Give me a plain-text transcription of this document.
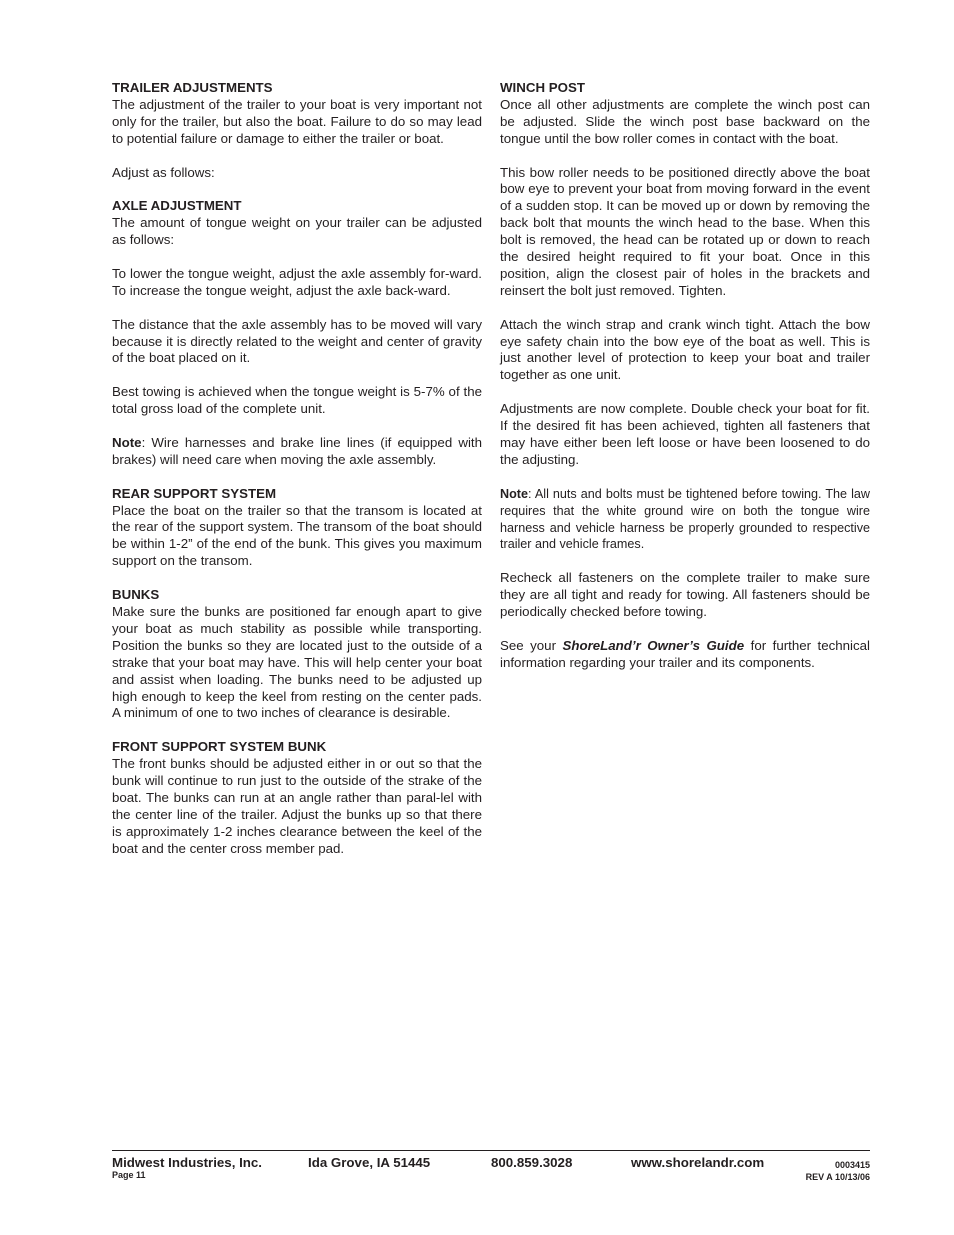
TRAILER ADJUSTMENTS

The adjustment of the trailer to your boat is very important not only for the trailer, but also the boat. Failure to do so may lead to potential failure or damage to either the trailer or boat.

Adjust as follows:

AXLE ADJUSTMENT

The amount of tongue weight on your trailer can be adjusted as follows:

To lower the tongue weight, adjust the axle assembly for-ward. To increase the tongue weight, adjust the axle back-ward.

The distance that the axle assembly has to be moved will vary because it is directly related to the weight and center of gravity of the boat placed on it.

Best towing is achieved when the tongue weight is 5-7% of the total gross load of the complete unit.

Note: Wire harnesses and brake line lines (if equipped with brakes) will need care when moving the axle assembly.

REAR SUPPORT SYSTEM

Place the boat on the trailer so that the transom is located at the rear of the support system. The transom of the boat should be within 1-2” of the end of the bunk. This gives you maximum support on the transom.

BUNKS

Make sure the bunks are positioned far enough apart to give your boat as much stability as possible while transporting. Position the bunks so they are located just to the outside of a strake that your boat may have. This will help center your boat and assist when loading. The bunks need to be adjusted up high enough to keep the keel from resting on the center pads. A minimum of one to two inches of clearance is desirable.

FRONT SUPPORT SYSTEM BUNK

The front bunks should be adjusted either in or out so that the bunk will continue to run just to the outside of the strake of the boat. The bunks can run at an angle rather than paral-lel with the center line of the trailer. Adjust the bunks up so that there is approximately 1-2 inches clearance between the keel of the boat and the center cross member pad.

WINCH POST

Once all other adjustments are complete the winch post can be adjusted. Slide the winch post base backward on the tongue until the bow roller comes in contact with the boat.

This bow roller needs to be positioned directly above the boat bow eye to prevent your boat from moving forward in the event of a sudden stop. It can be moved up or down by removing the back bolt that mounts the winch head to the base. When this bolt is removed, the head can be rotated up or down to reach the desired height required to fit your boat. Once in this position, align the closest pair of holes in the brackets and reinsert the bolt just removed. Tighten.

Attach the winch strap and crank winch tight. Attach the bow eye safety chain into the bow eye of the boat as well. This is just another level of protection to keep your boat and trailer together as one unit.

Adjustments are now complete. Double check your boat for fit. If the desired fit has been achieved, tighten all fasteners that may have either been left loose or have been loosened to do the adjusting.

Note: All nuts and bolts must be tightened before towing. The law requires that the white ground wire on both the tongue wire harness and vehicle harness be properly grounded to respective trailer and vehicle frames.

Recheck all fasteners on the complete trailer to make sure they are all tight and ready for towing. All fasteners should be periodically checked before towing.

See your ShoreLand’r Owner’s Guide for further technical information regarding your trailer and its components.

Midwest Industries, Inc.	Ida Grove, IA 51445	800.859.3028	www.shorelandr.com
Page 11
0003415
REV A 10/13/06
